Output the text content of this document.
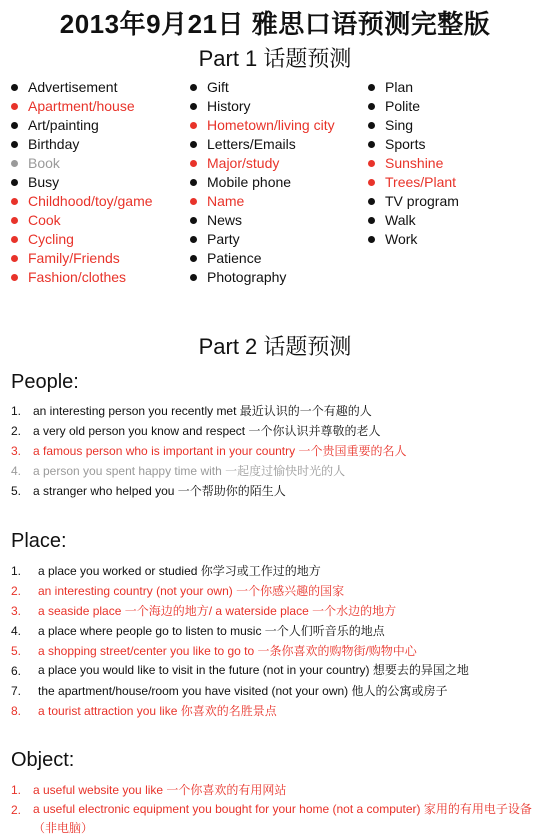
2013年9月21日 雅思口语预测完整版
Part 1 话题预测
Advertisement
Apartment/house
Art/painting
Birthday
Book
Busy
Childhood/toy/game
Cook
Cycling
Family/Friends
Fashion/clothes
Gift
History
Hometown/living city
Letters/Emails
Major/study
Mobile phone
Name
News
Party
Patience
Photography
Plan
Polite
Sing
Sports
Sunshine
Trees/Plant
TV program
Walk
Work
Part 2 话题预测
People:
1. an interesting person you recently met 最近认识的一个有趣的人
2. a very old person you know and respect 一个你认识并尊敬的老人
3. a famous person who is important in your country 一个贵国重要的名人
4. a person you spent happy time with 一起度过愉快时光的人
5. a stranger who helped you 一个帮助你的陌生人
Place:
1.	a place you worked or studied 你学习或工作过的地方
2.	an interesting country (not your own) 一个你感兴趣的国家
3.	a seaside place 一个海边的地方/ a waterside place 一个水边的地方
4.	a place where people go to listen to music 一个人们听音乐的地点
5.	a shopping street/center you like to go to 一条你喜欢的购物街/购物中心
6.	a place you would like to visit in the future (not in your country) 想要去的异国之地
7.	the apartment/house/room you have visited (not your own) 他人的公寓或房子
8.	a tourist attraction you like 你喜欢的名胜景点
Object:
1. a useful website you like 一个你喜欢的有用网站
2. a useful electronic equipment you bought for your home (not a computer) 家用的有用电子设备（非电脑）
